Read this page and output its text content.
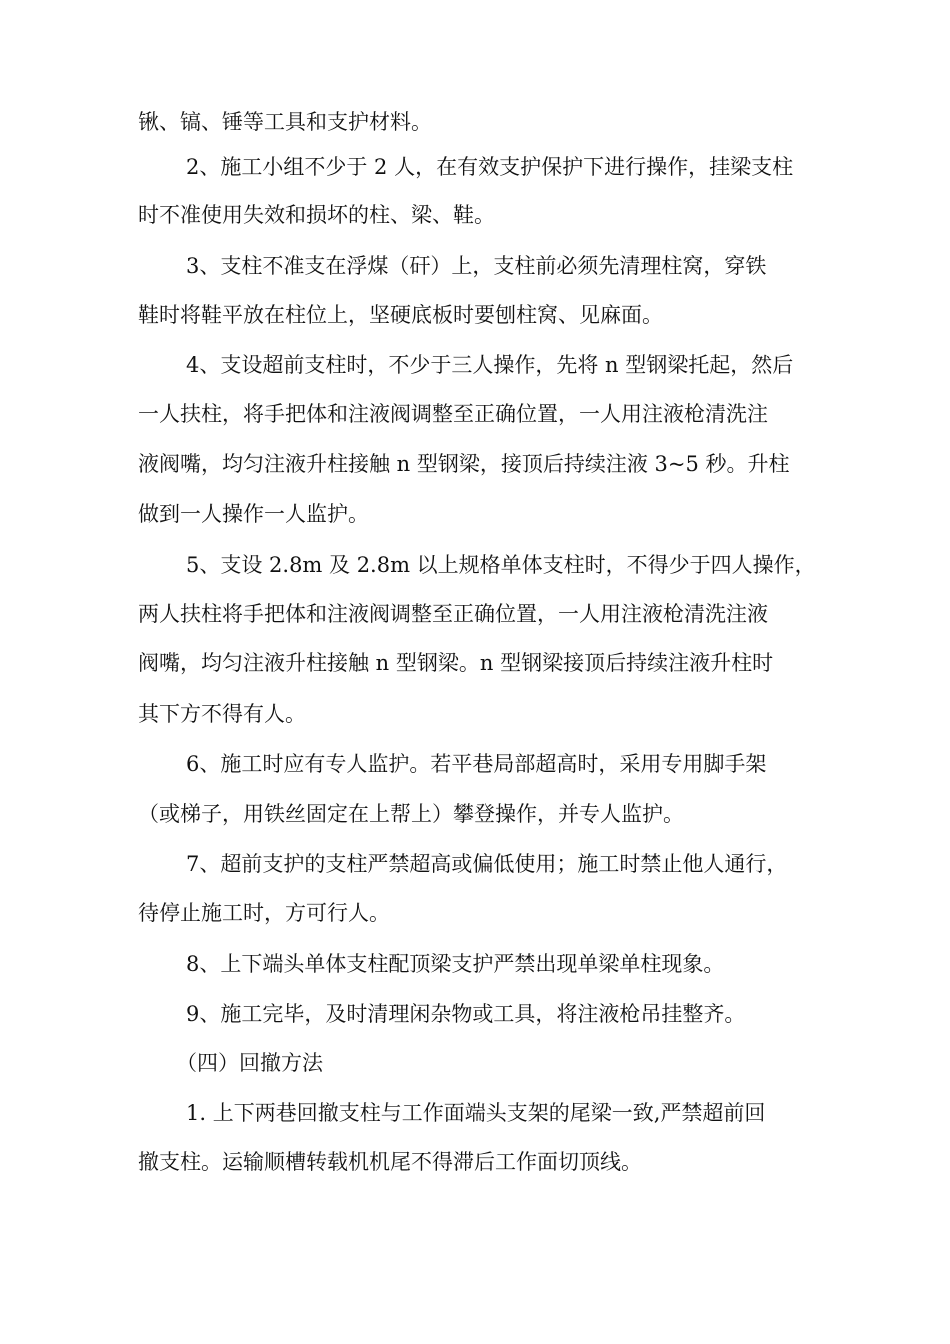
锹、镐、锤等工具和支护材料。
2、施工小组不少于 2 人，在有效支护保护下进行操作，挂梁支柱
时不准使用失效和损坏的柱、梁、鞋。
3、支柱不准支在浮煤（矸）上，支柱前必须先清理柱窝，穿铁
鞋时将鞋平放在柱位上，坚硬底板时要刨柱窝、见麻面。
4、支设超前支柱时，不少于三人操作，先将 n 型钢梁托起，然后
一人扶柱，将手把体和注液阀调整至正确位置，一人用注液枪清洗注
液阀嘴，均匀注液升柱接触 n 型钢梁，接顶后持续注液 3~5 秒。升柱
做到一人操作一人监护。
5、支设 2.8m 及 2.8m 以上规格单体支柱时，不得少于四人操作，
两人扶柱将手把体和注液阀调整至正确位置，一人用注液枪清洗注液
阀嘴，均匀注液升柱接触 n 型钢梁。n 型钢梁接顶后持续注液升柱时
其下方不得有人。
6、施工时应有专人监护。若平巷局部超高时，采用专用脚手架
（或梯子，用铁丝固定在上帮上）攀登操作，并专人监护。
7、超前支护的支柱严禁超高或偏低使用；施工时禁止他人通行，
待停止施工时，方可行人。
8、上下端头单体支柱配顶梁支护严禁出现单梁单柱现象。
9、施工完毕，及时清理闲杂物或工具，将注液枪吊挂整齐。
（四）回撤方法
1. 上下两巷回撤支柱与工作面端头支架的尾梁一致,严禁超前回
撤支柱。运输顺槽转载机机尾不得滞后工作面切顶线。
